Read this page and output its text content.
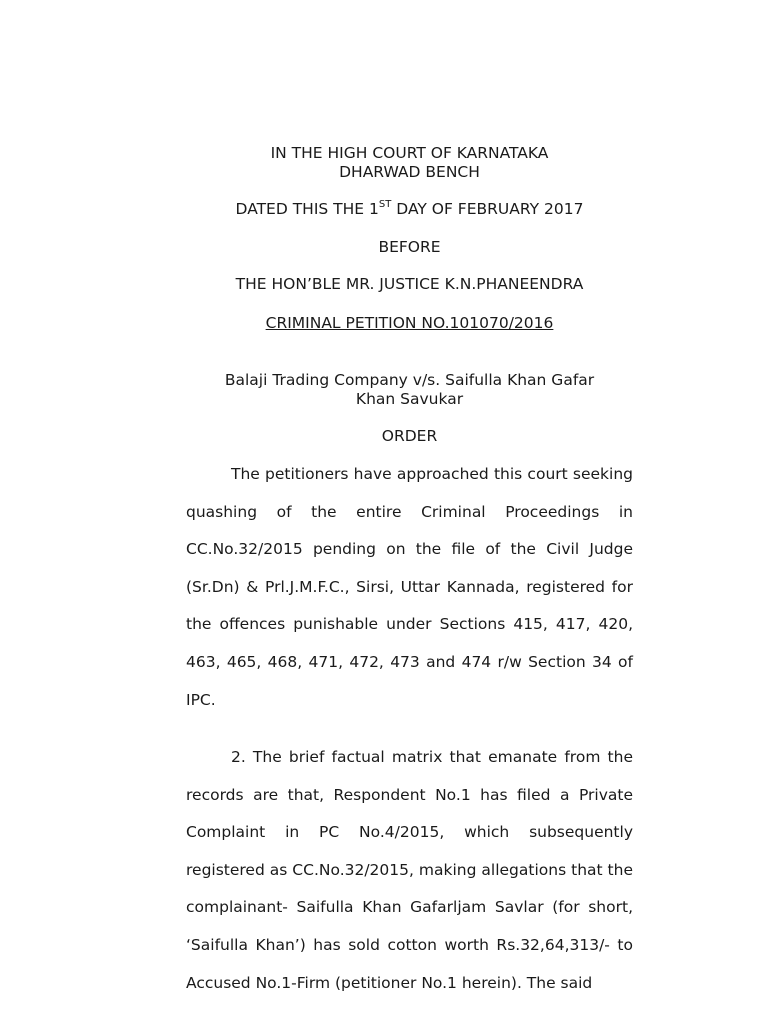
IN THE HIGH COURT OF KARNATAKA
DHARWAD BENCH
DATED THIS THE 1ST DAY OF FEBRUARY 2017
BEFORE
THE HON’BLE MR. JUSTICE K.N.PHANEENDRA
CRIMINAL PETITION NO.101070/2016
Balaji Trading Company v/s. Saifulla Khan Gafar
Khan Savukar
ORDER

The petitioners have approached this court seeking quashing of the entire Criminal Proceedings in CC.No.32/2015 pending on the file of the Civil Judge (Sr.Dn) & Prl.J.M.F.C., Sirsi, Uttar Kannada, registered for the offences punishable under Sections 415, 417, 420, 463, 465, 468, 471, 472, 473 and 474 r/w Section 34 of IPC.

2. The brief factual matrix that emanate from the records are that, Respondent No.1 has filed a Private Complaint in PC No.4/2015, which subsequently registered as CC.No.32/2015, making allegations that the complainant- Saifulla Khan Gafarljam Savlar (for short, ‘Saifulla Khan’) has sold cotton worth Rs.32,64,313/- to Accused No.1-Firm (petitioner No.1 herein). The said
